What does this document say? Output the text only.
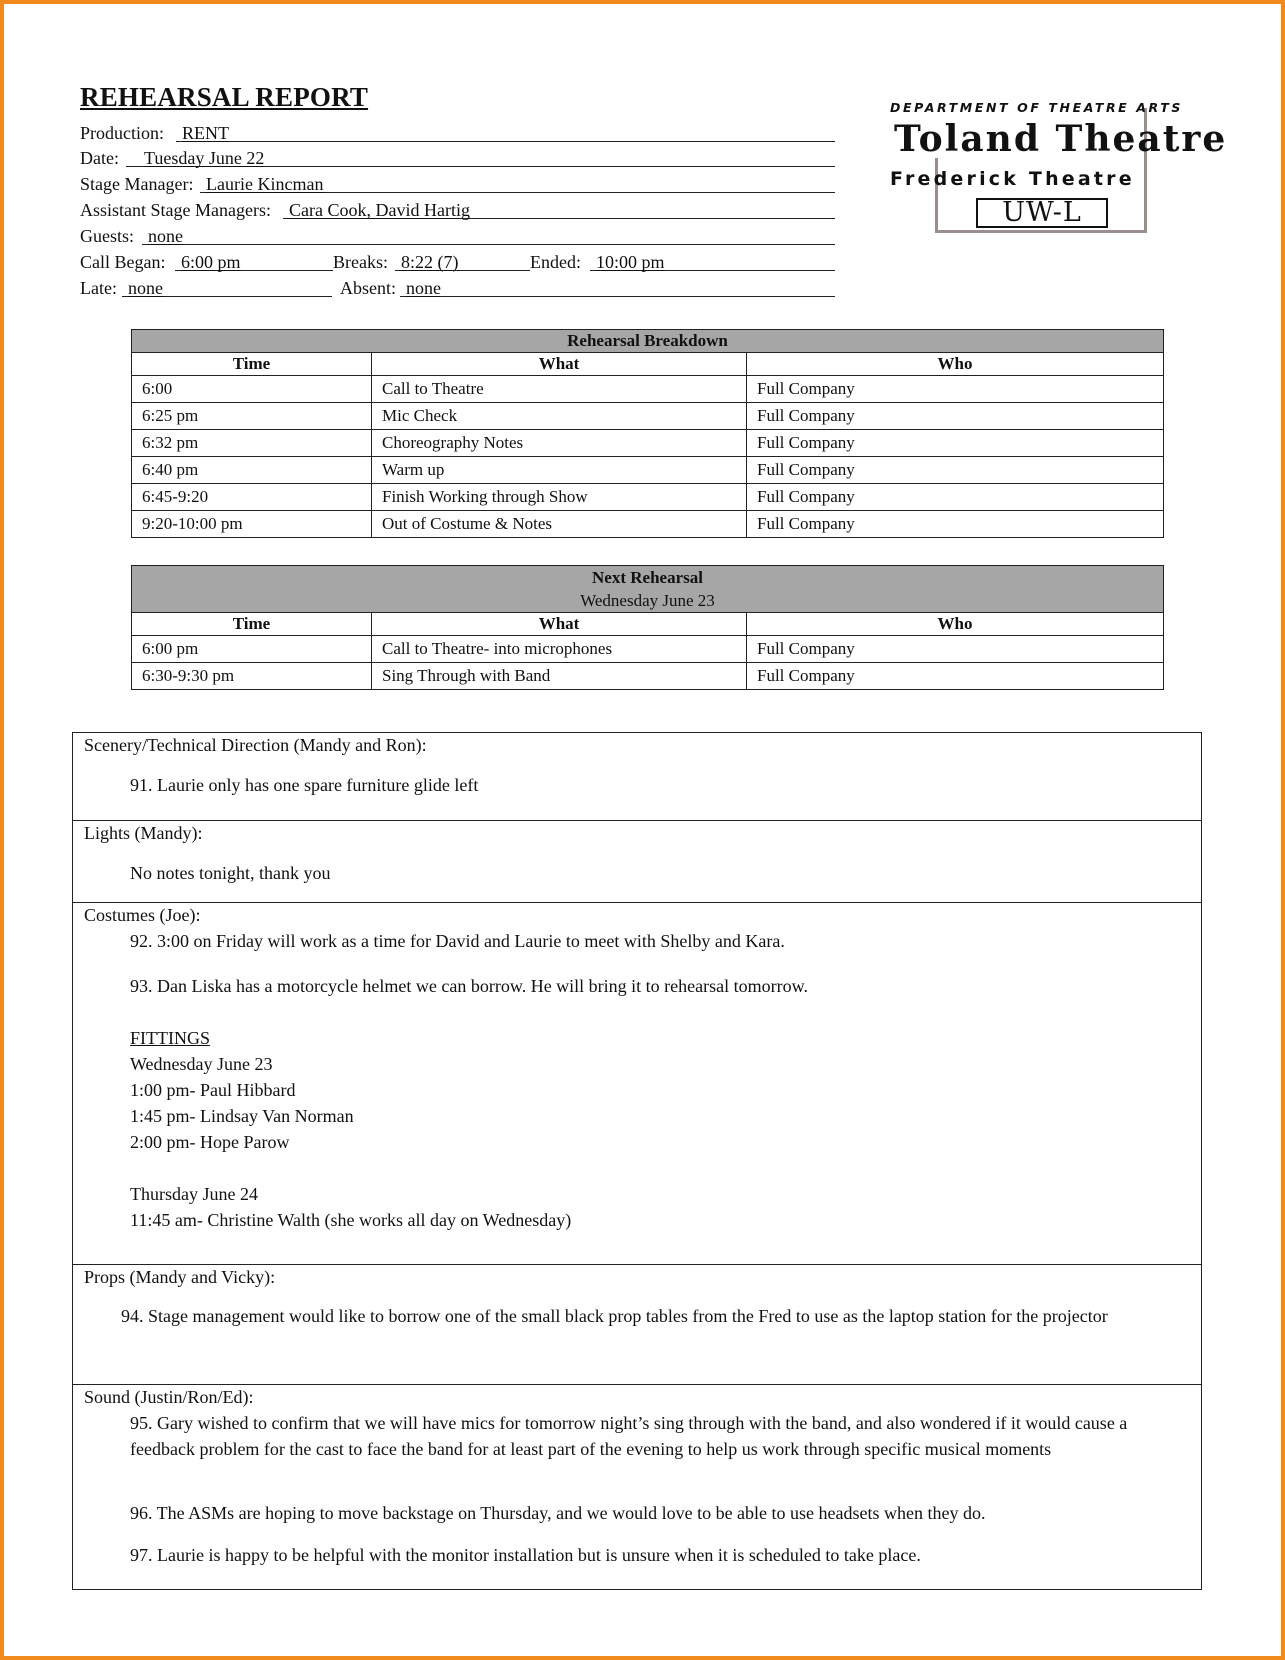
REHEARSAL REPORT
Production:	RENT
Date:	Tuesday June 22
Stage Manager: Laurie Kincman
Assistant Stage Managers:	Cara Cook, David Hartig
Guests: none
Call Began: 6:00 pm	Breaks: 8:22 (7)	Ended: 10:00 pm
Late: none	Absent: none
DEPARTMENT OF THEATRE ARTS
Toland Theatre
Frederick Theatre
UW-L
Rehearsal Breakdown		
Time	What	Who
6:00	Call to Theatre	Full Company
6:25 pm	Mic Check	Full Company
6:32 pm	Choreography Notes	Full Company
6:40 pm	Warm up	Full Company
6:45-9:20	Finish Working through Show	Full Company
9:20-10:00 pm	Out of Costume & Notes	Full Company
Next Rehearsal
Wednesday June 23		

Time	What	Who
6:00 pm	Call to Theatre- into microphones	Full Company
6:30-9:30 pm	Sing Through with Band	Full Company
Scenery/Technical Direction (Mandy and Ron):
91. Laurie only has one spare furniture glide left
Lights (Mandy):
No notes tonight, thank you
Costumes (Joe):
92. 3:00 on Friday will work as a time for David and Laurie to meet with Shelby and Kara.
93. Dan Liska has a motorcycle helmet we can borrow. He will bring it to rehearsal tomorrow.
FITTINGS
Wednesday June 23
1:00 pm- Paul Hibbard
1:45 pm- Lindsay Van Norman
2:00 pm- Hope Parow
Thursday June 24
11:45 am- Christine Walth (she works all day on Wednesday)
Props (Mandy and Vicky):
94. Stage management would like to borrow one of the small black prop tables from the Fred to use as the laptop station for the projector
Sound (Justin/Ron/Ed):
95. Gary wished to confirm that we will have mics for tomorrow night’s sing through with the band, and also wondered if it would cause a feedback problem for the cast to face the band for at least part of the evening to help us work through specific musical moments
96. The ASMs are hoping to move backstage on Thursday, and we would love to be able to use headsets when they do.
97. Laurie is happy to be helpful with the monitor installation but is unsure when it is scheduled to take place.
